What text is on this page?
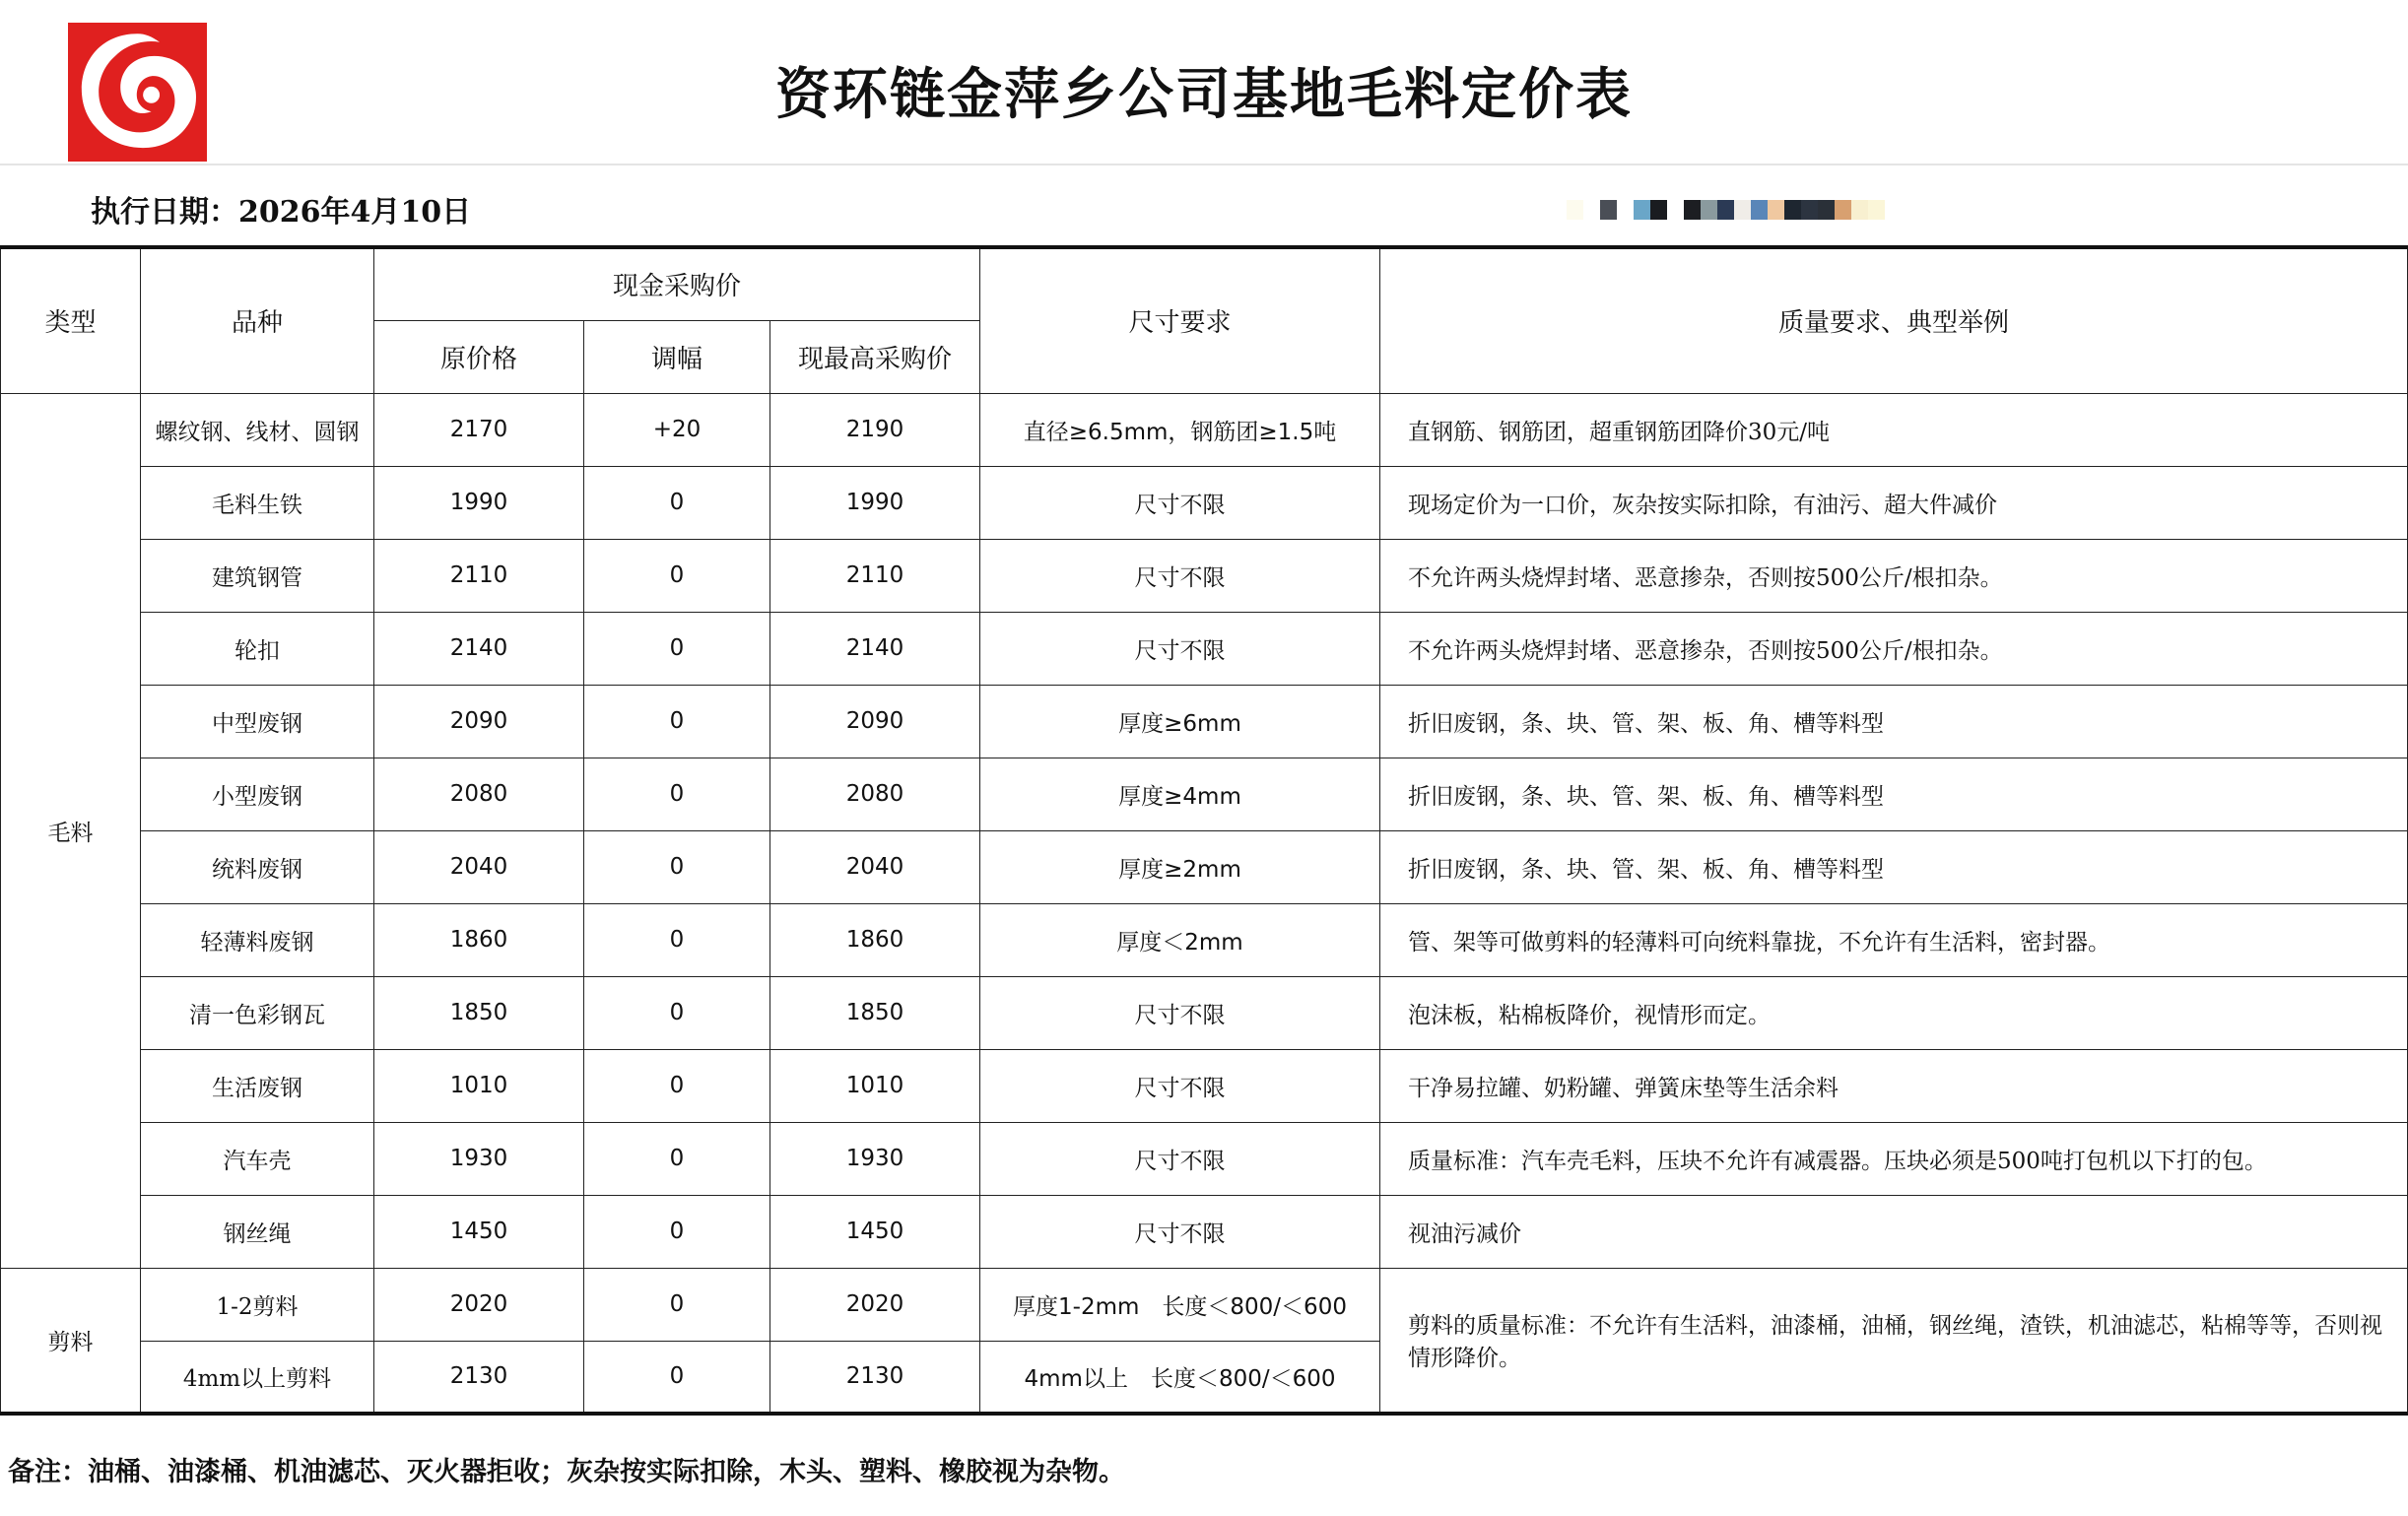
资环链金萍乡公司基地毛料定价表
执行日期：2026年4月10日
类型	品种	现金采购价			尺寸要求	质量要求、典型举例
		原价格	调幅	现最高采购价		
毛料	螺纹钢、线材、圆钢	2170	+20	2190	直径≥6.5mm，钢筋团≥1.5吨	直钢筋、钢筋团，超重钢筋团降价30元/吨
	毛料生铁	1990	0	1990	尺寸不限	现场定价为一口价，灰杂按实际扣除，有油污、超大件减价
	建筑钢管	2110	0	2110	尺寸不限	不允许两头烧焊封堵、恶意掺杂，否则按500公斤/根扣杂。
	轮扣	2140	0	2140	尺寸不限	不允许两头烧焊封堵、恶意掺杂，否则按500公斤/根扣杂。
	中型废钢	2090	0	2090	厚度≥6mm	折旧废钢，条、块、管、架、板、角、槽等料型
	小型废钢	2080	0	2080	厚度≥4mm	折旧废钢，条、块、管、架、板、角、槽等料型
	统料废钢	2040	0	2040	厚度≥2mm	折旧废钢，条、块、管、架、板、角、槽等料型
	轻薄料废钢	1860	0	1860	厚度＜2mm	管、架等可做剪料的轻薄料可向统料靠拢，不允许有生活料，密封器。
	清一色彩钢瓦	1850	0	1850	尺寸不限	泡沫板，粘棉板降价，视情形而定。
	生活废钢	1010	0	1010	尺寸不限	干净易拉罐、奶粉罐、弹簧床垫等生活余料
	汽车壳	1930	0	1930	尺寸不限	质量标准：汽车壳毛料，压块不允许有减震器。压块必须是500吨打包机以下打的包。
	钢丝绳	1450	0	1450	尺寸不限	视油污减价
剪料	1-2剪料	2020	0	2020	厚度1-2mm　长度＜800/＜600	剪料的质量标准：不允许有生活料，油漆桶，油桶，钢丝绳，渣铁，机油滤芯，粘棉等等，否则视情形降价。
	4mm以上剪料	2130	0	2130	4mm以上　长度＜800/＜600	
备注：油桶、油漆桶、机油滤芯、灭火器拒收；灰杂按实际扣除，木头、塑料、橡胶视为杂物。
